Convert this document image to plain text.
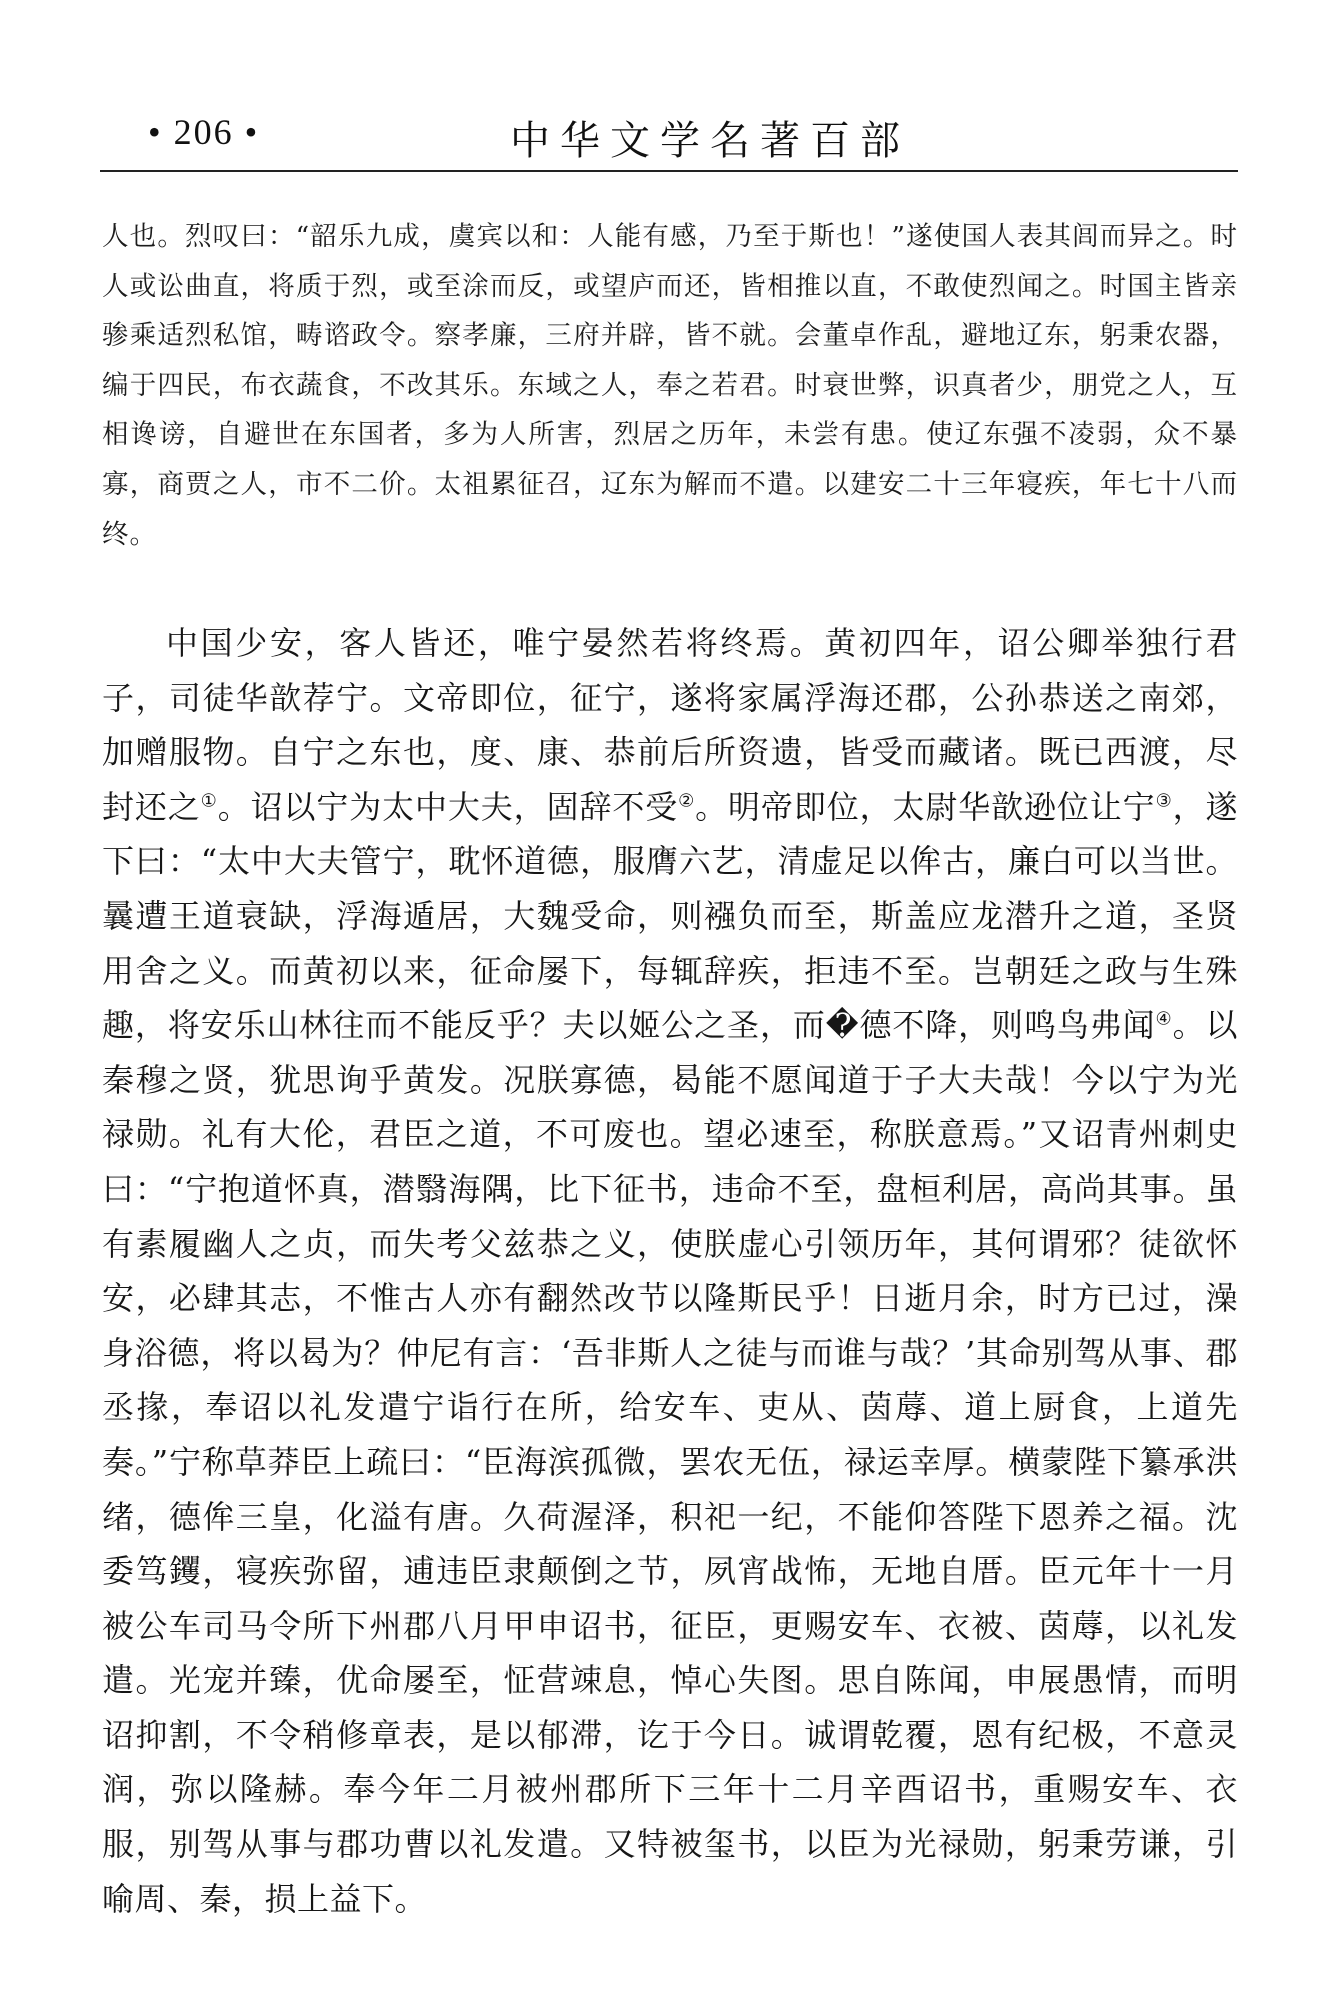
• 206 •	中华文学名著百部

人也。烈叹曰：“韶乐九成，虞宾以和：人能有感，乃至于斯也！”遂使国人表其闾而异之。时人或讼曲直，将质于烈，或至涂而反，或望庐而还，皆相推以直，不敢使烈闻之。时国主皆亲骖乘适烈私馆，畴谘政令。察孝廉，三府并辟，皆不就。会董卓作乱，避地辽东，躬秉农器，编于四民，布衣蔬食，不改其乐。东域之人，奉之若君。时衰世弊，识真者少，朋党之人，互相谗谤，自避世在东国者，多为人所害，烈居之历年，未尝有患。使辽东强不凌弱，众不暴寡，商贾之人，市不二价。太祖累征召，辽东为解而不遣。以建安二十三年寝疾，年七十八而终。

中国少安，客人皆还，唯宁晏然若将终焉。黄初四年，诏公卿举独行君子，司徒华歆荐宁。文帝即位，征宁，遂将家属浮海还郡，公孙恭送之南郊，加赠服物。自宁之东也，度、康、恭前后所资遗，皆受而藏诸。既已西渡，尽封还之①。诏以宁为太中大夫，固辞不受②。明帝即位，太尉华歆逊位让宁③，遂下曰：“太中大夫管宁，耽怀道德，服膺六艺，清虚足以侔古，廉白可以当世。曩遭王道衰缺，浮海遁居，大魏受命，则襁负而至，斯盖应龙潜升之道，圣贤用舍之义。而黄初以来，征命屡下，每辄辞疾，拒违不至。岂朝廷之政与生殊趣，将安乐山林往而不能反乎？夫以姬公之圣，而�德不降，则鸣鸟弗闻④。以秦穆之贤，犹思询乎黄发。况朕寡德，曷能不愿闻道于子大夫哉！今以宁为光禄勋。礼有大伦，君臣之道，不可废也。望必速至，称朕意焉。”又诏青州刺史曰：“宁抱道怀真，潜翳海隅，比下征书，违命不至，盘桓利居，高尚其事。虽有素履幽人之贞，而失考父兹恭之义，使朕虚心引领历年，其何谓邪？徒欲怀安，必肆其志，不惟古人亦有翻然改节以隆斯民乎！日逝月余，时方已过，澡身浴德，将以曷为？仲尼有言：‘吾非斯人之徒与而谁与哉？’其命别驾从事、郡丞掾，奉诏以礼发遣宁诣行在所，给安车、吏从、茵蓐、道上厨食，上道先奏。”宁称草莽臣上疏曰：“臣海滨孤微，罢农无伍，禄运幸厚。横蒙陛下纂承洪绪，德侔三皇，化溢有唐。久荷渥泽，积祀一纪，不能仰答陛下恩养之福。沈委笃钁，寝疾弥留，逋违臣隶颠倒之节，夙宵战怖，无地自厝。臣元年十一月被公车司马令所下州郡八月甲申诏书，征臣，更赐安车、衣被、茵蓐，以礼发遣。光宠并臻，优命屡至，怔营竦息，悼心失图。思自陈闻，申展愚情，而明诏抑割，不令稍修章表，是以郁滞，讫于今日。诚谓乾覆，恩有纪极，不意灵润，弥以隆赫。奉今年二月被州郡所下三年十二月辛酉诏书，重赐安车、衣服，别驾从事与郡功曹以礼发遣。又特被玺书，以臣为光禄勋，躬秉劳谦，引喻周、秦，损上益下。
